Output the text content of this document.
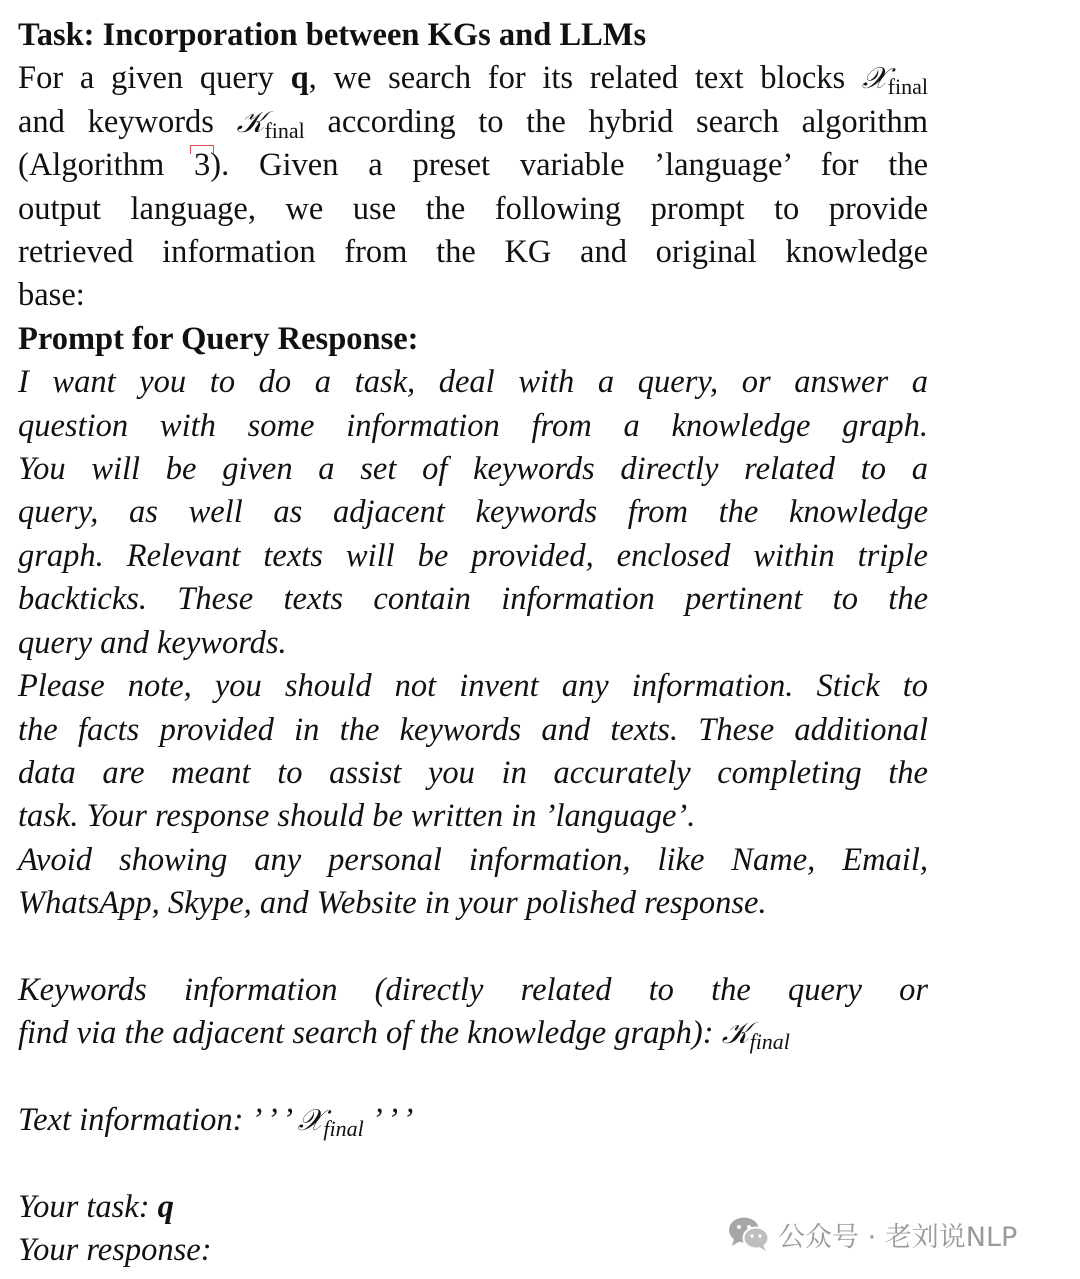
Task: Incorporation between KGs and LLMs
For a given query q, we search for its related text blocks 𝒳$_{final}$
and keywords 𝒦$_{final}$ according to the hybrid search algorithm
(Algorithm 3). Given a preset variable ’language’ for the
output language, we use the following prompt to provide
retrieved information from the KG and original knowledge
base:
Prompt for Query Response:
I want you to do a task, deal with a query, or answer a
question with some information from a knowledge graph.
You will be given a set of keywords directly related to a
query, as well as adjacent keywords from the knowledge
graph. Relevant texts will be provided, enclosed within triple
backticks. These texts contain information pertinent to the
query and keywords.
Please note, you should not invent any information. Stick to
the facts provided in the keywords and texts. These additional
data are meant to assist you in accurately completing the
task. Your response should be written in ’language’.
Avoid showing any personal information, like Name, Email,
WhatsApp, Skype, and Website in your polished response.
Keywords information (directly related to the query or
find via the adjacent search of the knowledge graph): 𝒦$_{final}$
Text information: ’ ’ ’ 𝒳$_{final}$ ’ ’ ’
Your task: q
Your response:	公众号 · 老刘说NLP
